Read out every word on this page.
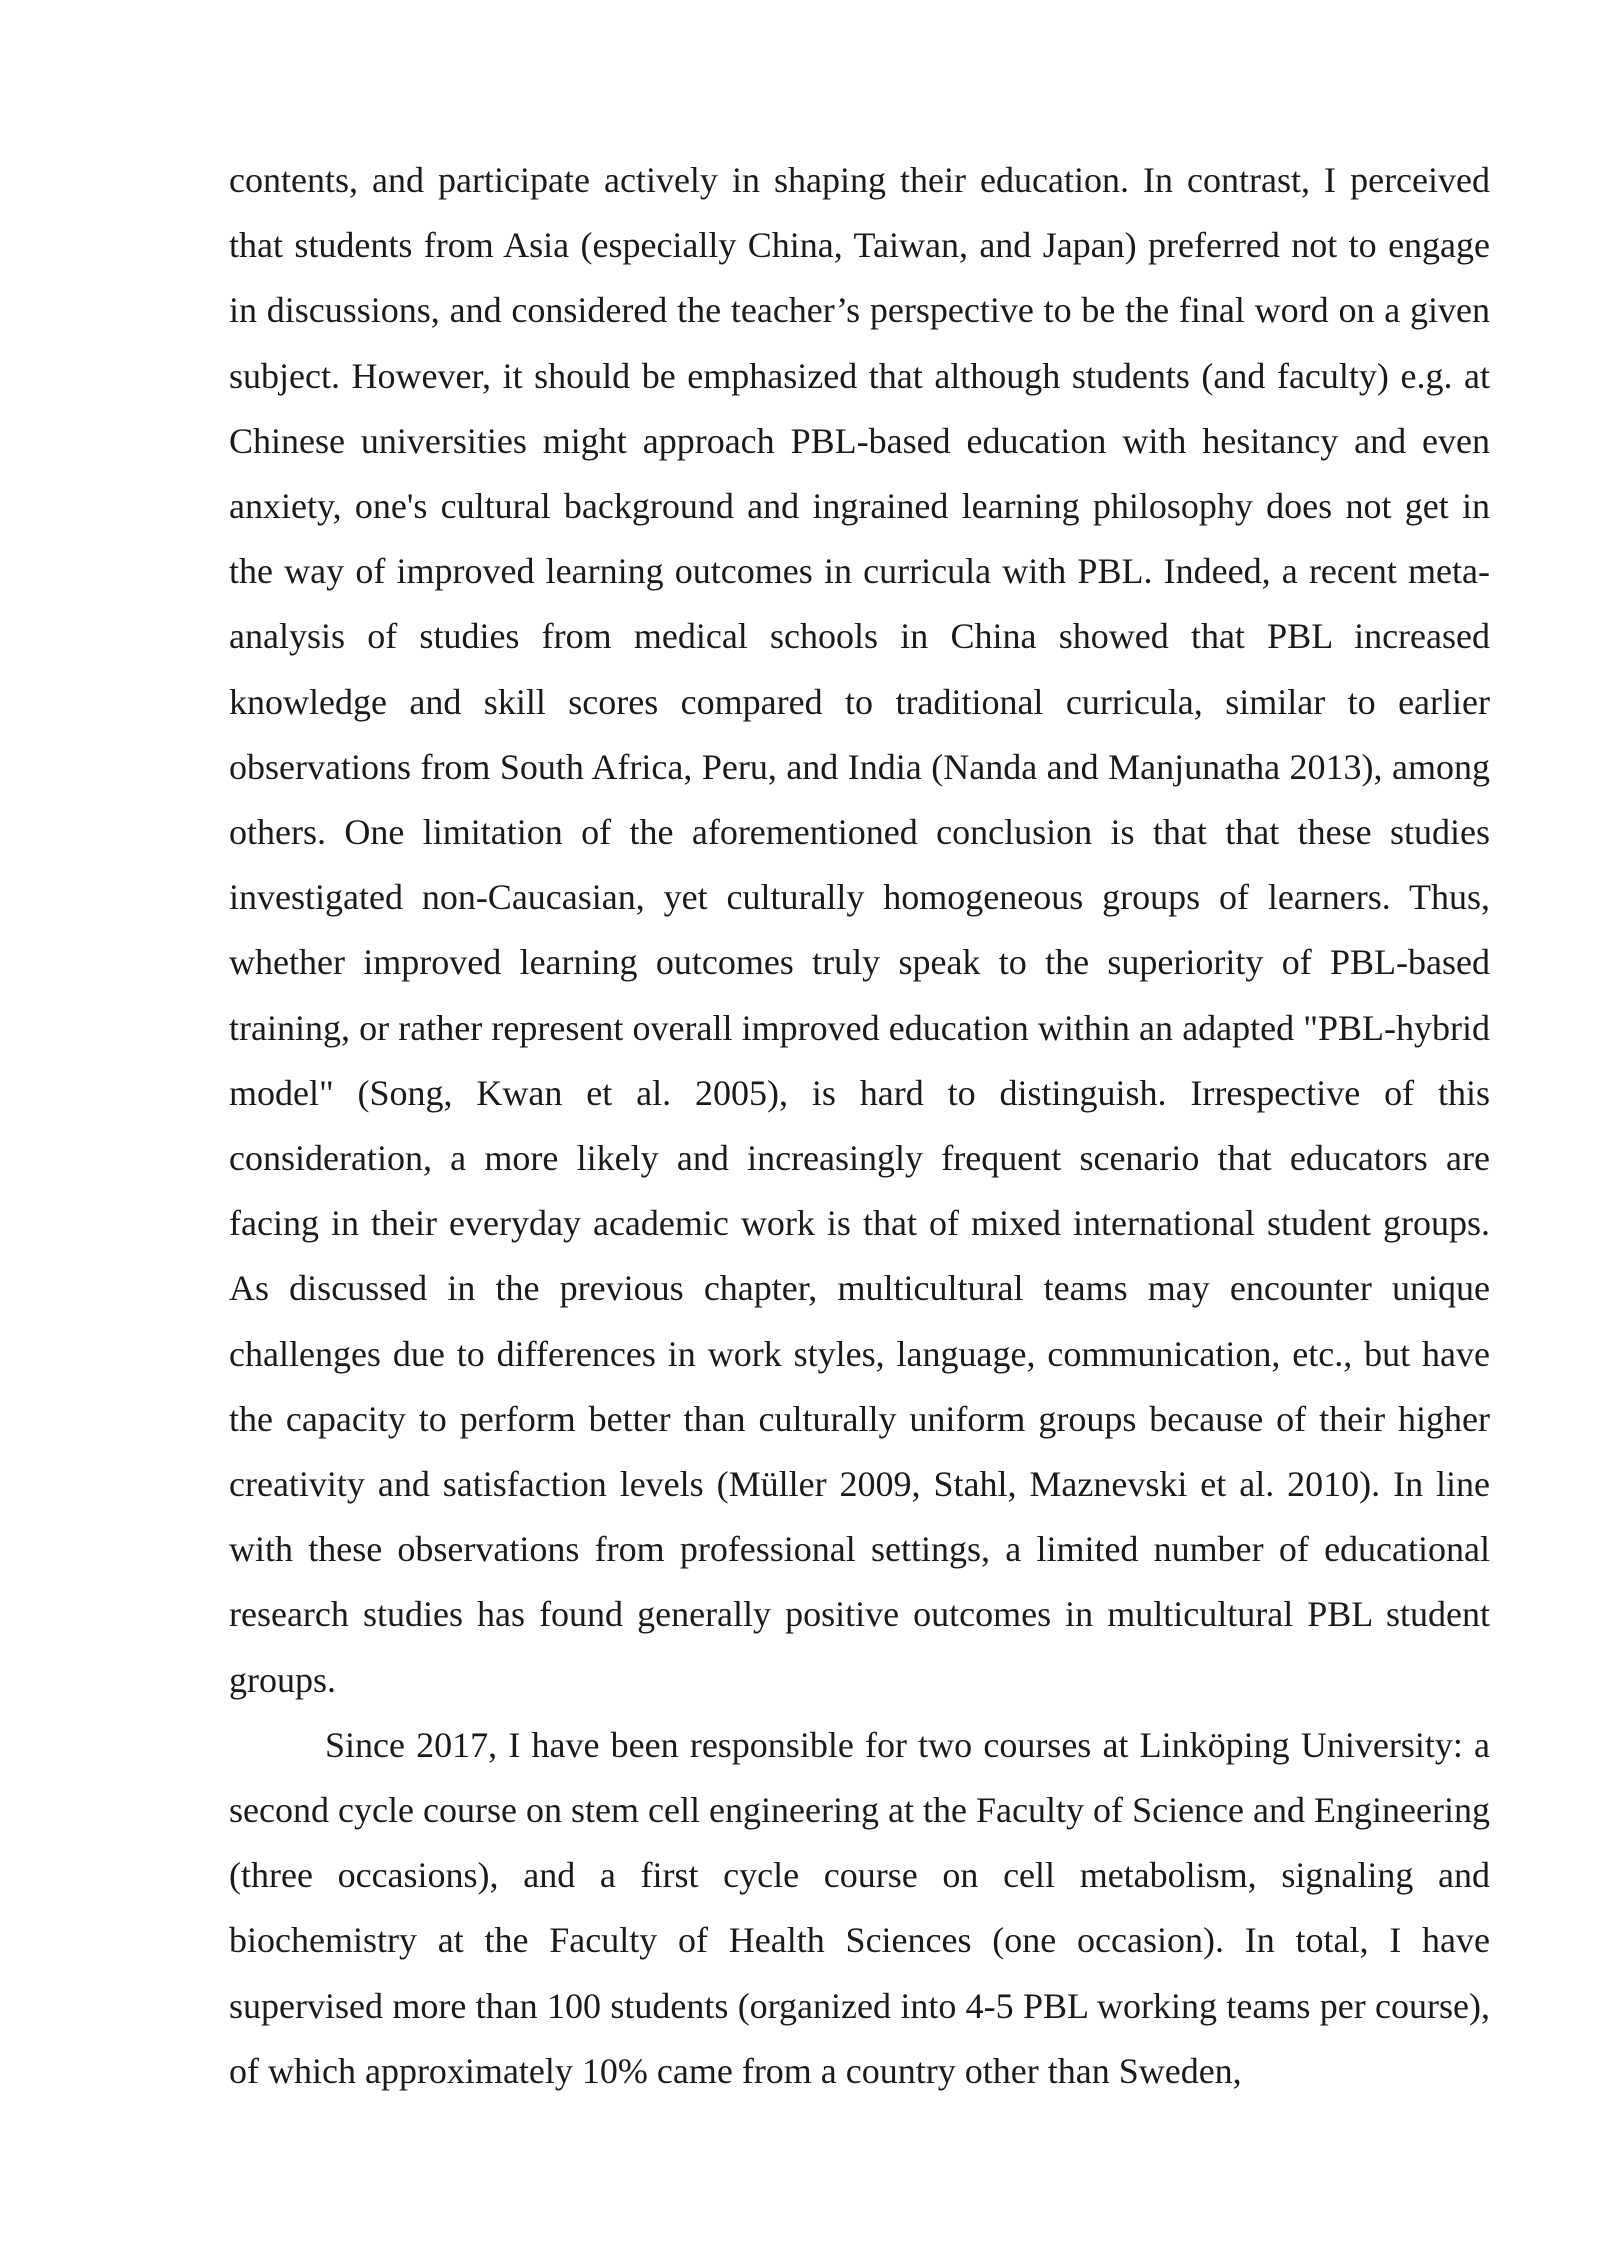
contents, and participate actively in shaping their education. In contrast, I perceived that students from Asia (especially China, Taiwan, and Japan) preferred not to engage in discussions, and considered the teacher’s perspective to be the final word on a given subject. However, it should be emphasized that although students (and faculty) e.g. at Chinese universities might approach PBL-based education with hesitancy and even anxiety, one's cultural background and ingrained learning philosophy does not get in the way of improved learning outcomes in curricula with PBL. Indeed, a recent meta-analysis of studies from medical schools in China showed that PBL increased knowledge and skill scores compared to traditional curricula, similar to earlier observations from South Africa, Peru, and India (Nanda and Manjunatha 2013), among others. One limitation of the aforementioned conclusion is that that these studies investigated non-Caucasian, yet culturally homogeneous groups of learners. Thus, whether improved learning outcomes truly speak to the superiority of PBL-based training, or rather represent overall improved education within an adapted "PBL-hybrid model" (Song, Kwan et al. 2005), is hard to distinguish. Irrespective of this consideration, a more likely and increasingly frequent scenario that educators are facing in their everyday academic work is that of mixed international student groups. As discussed in the previous chapter, multicultural teams may encounter unique challenges due to differences in work styles, language, communication, etc., but have the capacity to perform better than culturally uniform groups because of their higher creativity and satisfaction levels (Müller 2009, Stahl, Maznevski et al. 2010). In line with these observations from professional settings, a limited number of educational research studies has found generally positive outcomes in multicultural PBL student groups.

Since 2017, I have been responsible for two courses at Linköping University: a second cycle course on stem cell engineering at the Faculty of Science and Engineering (three occasions), and a first cycle course on cell metabolism, signaling and biochemistry at the Faculty of Health Sciences (one occasion). In total, I have supervised more than 100 students (organized into 4-5 PBL working teams per course), of which approximately 10% came from a country other than Sweden,
